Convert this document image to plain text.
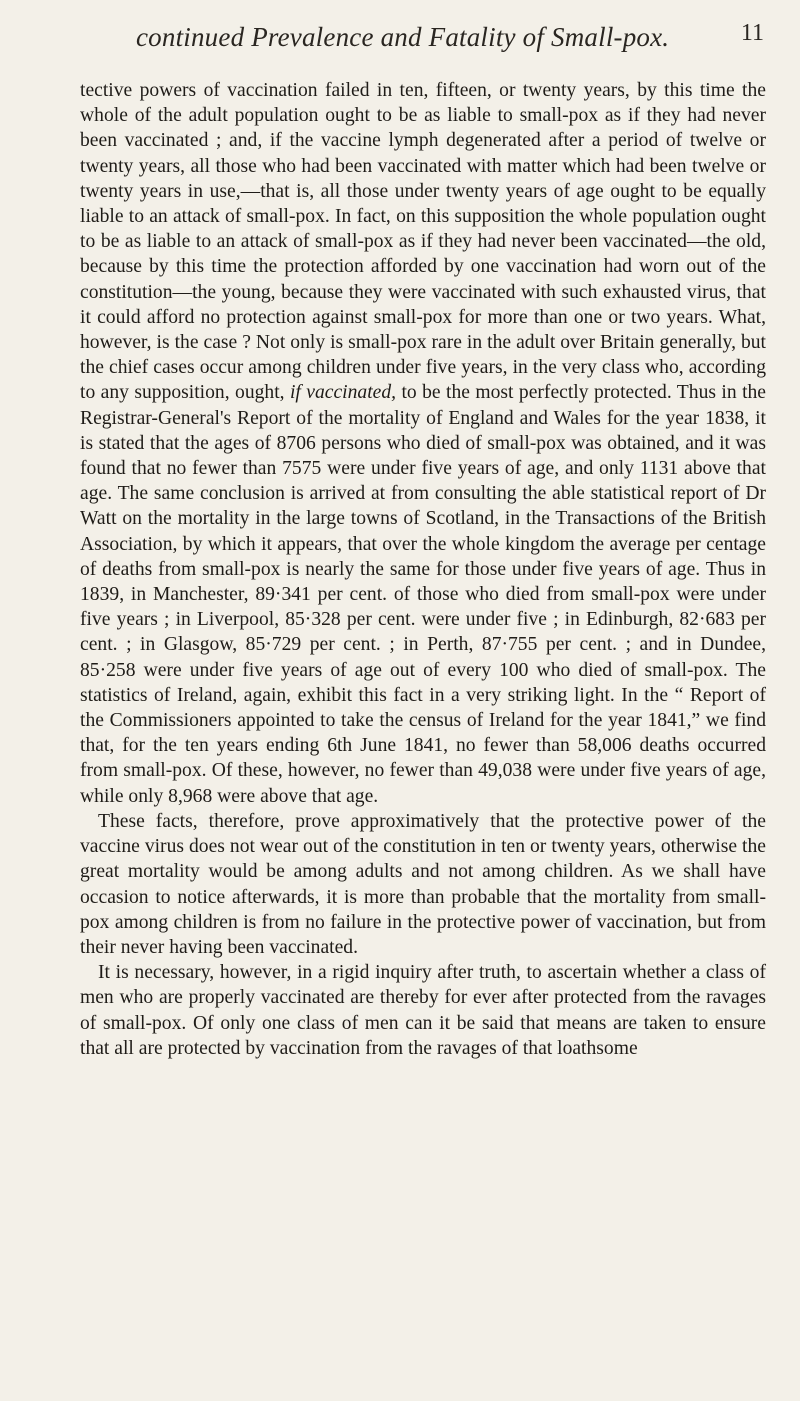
continued Prevalence and Fatality of Small-pox.	11

tective powers of vaccination failed in ten, fifteen, or twenty years, by this time the whole of the adult population ought to be as liable to small-pox as if they had never been vaccinated ; and, if the vaccine lymph degenerated after a period of twelve or twenty years, all those who had been vaccinated with matter which had been twelve or twenty years in use,—that is, all those under twenty years of age ought to be equally liable to an attack of small-pox. In fact, on this supposition the whole population ought to be as liable to an attack of small-pox as if they had never been vaccinated—the old, because by this time the protection afforded by one vaccination had worn out of the constitution—the young, because they were vaccinated with such exhausted virus, that it could afford no protection against small-pox for more than one or two years. What, however, is the case ? Not only is small-pox rare in the adult over Britain generally, but the chief cases occur among children under five years, in the very class who, according to any supposition, ought, if vaccinated, to be the most perfectly protected. Thus in the Registrar-General's Report of the mortality of England and Wales for the year 1838, it is stated that the ages of 8706 persons who died of small-pox was obtained, and it was found that no fewer than 7575 were under five years of age, and only 1131 above that age. The same conclusion is arrived at from consulting the able statistical report of Dr Watt on the mortality in the large towns of Scotland, in the Transactions of the British Association, by which it appears, that over the whole kingdom the average per centage of deaths from small-pox is nearly the same for those under five years of age. Thus in 1839, in Manchester, 89·341 per cent. of those who died from small-pox were under five years ; in Liverpool, 85·328 per cent. were under five ; in Edinburgh, 82·683 per cent. ; in Glasgow, 85·729 per cent. ; in Perth, 87·755 per cent. ; and in Dundee, 85·258 were under five years of age out of every 100 who died of small-pox. The statistics of Ireland, again, exhibit this fact in a very striking light. In the “ Report of the Commissioners appointed to take the census of Ireland for the year 1841,” we find that, for the ten years ending 6th June 1841, no fewer than 58,006 deaths occurred from small-pox. Of these, however, no fewer than 49,038 were under five years of age, while only 8,968 were above that age.

These facts, therefore, prove approximatively that the protective power of the vaccine virus does not wear out of the constitution in ten or twenty years, otherwise the great mortality would be among adults and not among children. As we shall have occasion to notice afterwards, it is more than probable that the mortality from small-pox among children is from no failure in the protective power of vaccination, but from their never having been vaccinated.

It is necessary, however, in a rigid inquiry after truth, to ascertain whether a class of men who are properly vaccinated are thereby for ever after protected from the ravages of small-pox. Of only one class of men can it be said that means are taken to ensure that all are protected by vaccination from the ravages of that loathsome
